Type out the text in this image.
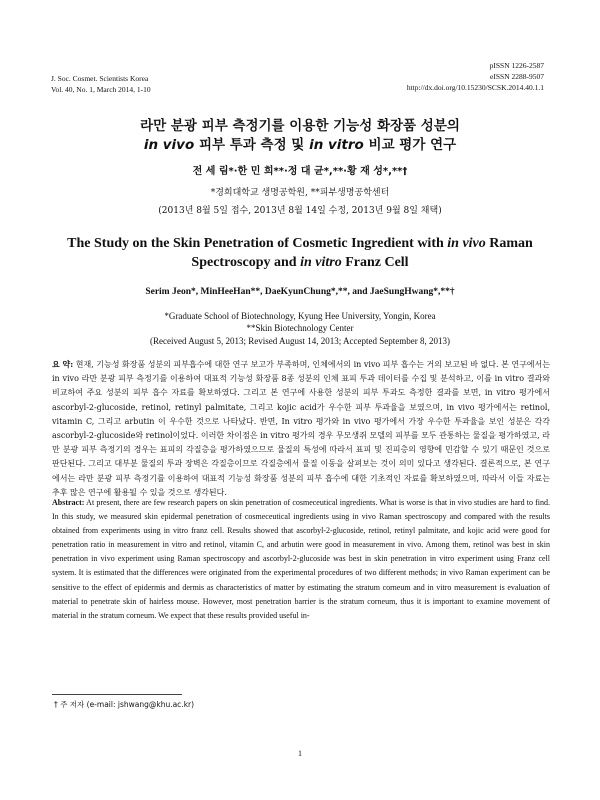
J. Soc. Cosmet. Scientists Korea
Vol. 40, No. 1, March 2014, 1-10
pISSN 1226-2587
eISSN 2288-9507
http://dx.doi.org/10.15230/SCSK.2014.40.1.1
라만 분광 피부 측정기를 이용한 기능성 화장품 성분의
in vivo 피부 투과 측정 및 in vitro 비교 평가 연구
전 세 림*·한 민 희**·정 대 균*,**·황 재 성*,**†
*경희대학교 생명공학원, **피부생명공학센터
(2013년 8월 5일 접수, 2013년 8월 14일 수정, 2013년 9월 8일 채택)
The Study on the Skin Penetration of Cosmetic Ingredient with in vivo Raman
Spectroscopy and in vitro Franz Cell
Serim Jeon*, MinHeeHan**, DaeKyunChung*,**, and JaeSungHwang*,**†
*Graduate School of Biotechnology, Kyung Hee University, Yongin, Korea
**Skin Biotechnology Center
(Received August 5, 2013; Revised August 14, 2013; Accepted September 8, 2013)
요 약: 현재, 기능성 화장품 성분의 피부흡수에 대한 연구 보고가 부족하며, 인체에서의 in vivo 피부 흡수는 거의 보고된 바 없다. 본 연구에서는 in vivo 라만 분광 피부 측정기를 이용하여 대표적 기능성 화장품 8종 성분의 인체 표피 투과 데이터를 수집 및 분석하고, 이를 in vitro 결과와 비교하여 주요 성분의 피부 흡수 자료를 확보하였다. 그리고 본 연구에 사용한 성분의 피부 투과도 측정한 결과를 보면, in vitro 평가에서 ascorbyl-2-glucoside, retinol, retinyl palmitate, 그리고 kojic acid가 우수한 피부 투과율을 보였으며, in vivo 평가에서는 retinol, vitamin C, 그리고 arbutin 이 우수한 것으로 나타났다. 반면, In vitro 평가와 in vivo 평가에서 가장 우수한 투과율을 보인 성분은 각각 ascorbyl-2-glucoside와 retinol이었다. 이러한 차이점은 in vitro 평가의 경우 무모생쥐 모델의 피부를 모두 관통하는 물질을 평가하였고, 라만 분광 피부 측정기의 경우는 표피의 각질층을 평가하였으므로 물질의 특성에 따라서 표피 및 진피층의 영향에 민감할 수 있기 때문인 것으로 판단된다. 그리고 대부분 물질의 투과 장벽은 각질층이므로 각질층에서 물질 이동을 살펴보는 것이 의미 있다고 생각된다. 결론적으로, 본 연구에서는 라만 분광 피부 측정기를 이용하여 대표적 기능성 화장품 성분의 피부 흡수에 대한 기초적인 자료를 확보하였으며, 따라서 이들 자료는 추후 많은 연구에 활용될 수 있을 것으로 생각된다.
Abstract: At present, there are few research papers on skin penetration of cosmeceutical ingredients. What is worse is that in vivo studies are hard to find. In this study, we measured skin epidermal penetration of cosmeceutical ingredients using in vivo Raman spectroscopy and compared with the results obtained from experiments using in vitro franz cell. Results showed that ascorbyl-2-glucoside, retinol, retinyl palmitate, and kojic acid were good for penetration ratio in measurement in vitro and retinol, vitamin C, and arbutin were good in measurement in vivo. Among them, retinol was best in skin penetration in vivo experiment using Raman spectroscopy and ascorbyl-2-glucoside was best in skin penetration in vitro experiment using Franz cell system. It is estimated that the differences were originated from the experimental procedures of two different methods; in vivo Raman experiment can be sensitive to the effect of epidermis and dermis as characteristics of matter by estimating the stratum corneum and in vitro measurement is evaluation of material to penetrate skin of hairless mouse. However, most penetration barrier is the stratum corneum, thus it is important to examine movement of material in the stratum corneum. We expect that these results provided useful in-
† 주 저자 (e-mail: jshwang@khu.ac.kr)
1
